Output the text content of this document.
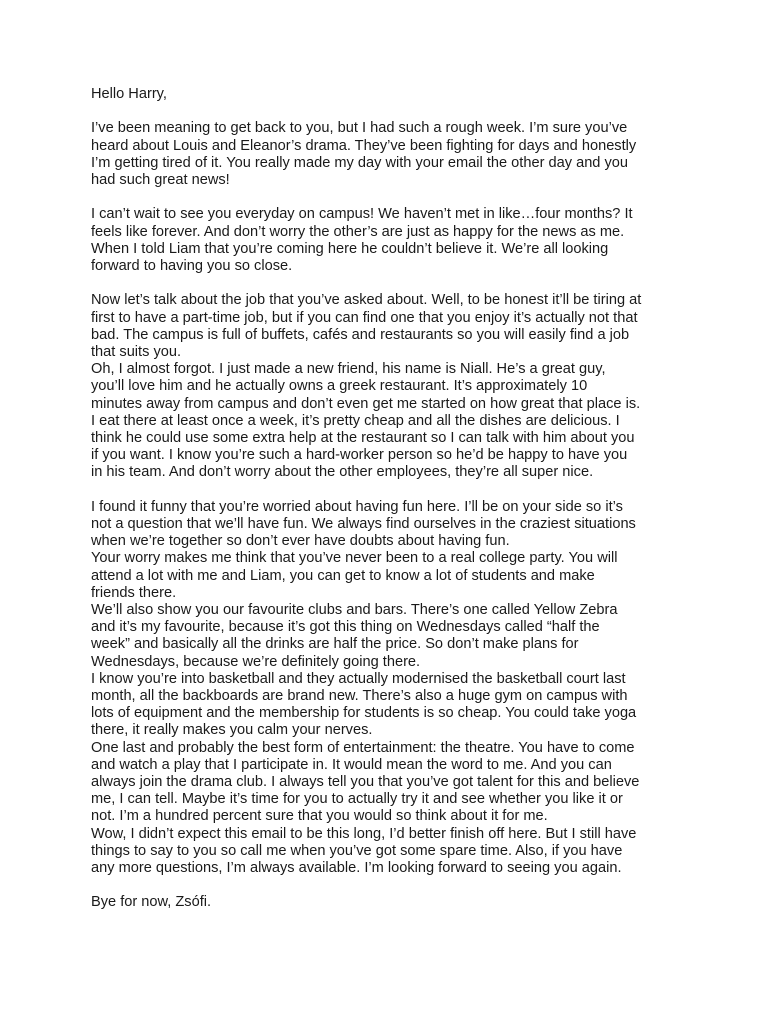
Hello Harry,

I’ve been meaning to get back to you, but I had such a rough week. I’m sure you’ve
heard about Louis and Eleanor’s drama. They’ve been fighting for days and honestly
I’m getting tired of it. You really made my day with your email the other day and you
had such great news!

I can’t wait to see you everyday on campus! We haven’t met in like…four months? It
feels like forever. And don’t worry the other’s are just as happy for the news as me.
When I told Liam that you’re coming here he couldn’t believe it. We’re all looking
forward to having you so close.

Now let’s talk about the job that you’ve asked about. Well, to be honest it’ll be tiring at
first to have a part-time job, but if you can find one that you enjoy it’s actually not that
bad. The campus is full of buffets, cafés and restaurants so you will easily find a job
that suits you.
Oh, I almost forgot. I just made a new friend, his name is Niall. He’s a great guy,
you’ll love him and he actually owns a greek restaurant. It’s approximately 10
minutes away from campus and don’t even get me started on how great that place is.
I eat there at least once a week, it’s pretty cheap and all the dishes are delicious. I
think he could use some extra help at the restaurant so I can talk with him about you
if you want. I know you’re such a hard-worker person so he’d be happy to have you
in his team. And don’t worry about the other employees, they’re all super nice.

I found it funny that you’re worried about having fun here. I’ll be on your side so it’s
not a question that we’ll have fun. We always find ourselves in the craziest situations
when we’re together so don’t ever have doubts about having fun.
Your worry makes me think that you’ve never been to a real college party. You will
attend a lot with me and Liam, you can get to know a lot of students and make
friends there.
We’ll also show you our favourite clubs and bars. There’s one called Yellow Zebra
and it’s my favourite, because it’s got this thing on Wednesdays called “half the
week” and basically all the drinks are half the price. So don’t make plans for
Wednesdays, because we’re definitely going there.
I know you’re into basketball and they actually modernised the basketball court last
month, all the backboards are brand new. There’s also a huge gym on campus with
lots of equipment and the membership for students is so cheap. You could take yoga
there, it really makes you calm your nerves.
One last and probably the best form of entertainment: the theatre. You have to come
and watch a play that I participate in. It would mean the word to me. And you can
always join the drama club. I always tell you that you’ve got talent for this and believe
me, I can tell. Maybe it’s time for you to actually try it and see whether you like it or
not. I’m a hundred percent sure that you would so think about it for me.
Wow, I didn’t expect this email to be this long, I’d better finish off here. But I still have
things to say to you so call me when you’ve got some spare time. Also, if you have
any more questions, I’m always available. I’m looking forward to seeing you again.

Bye for now, Zsófi.
